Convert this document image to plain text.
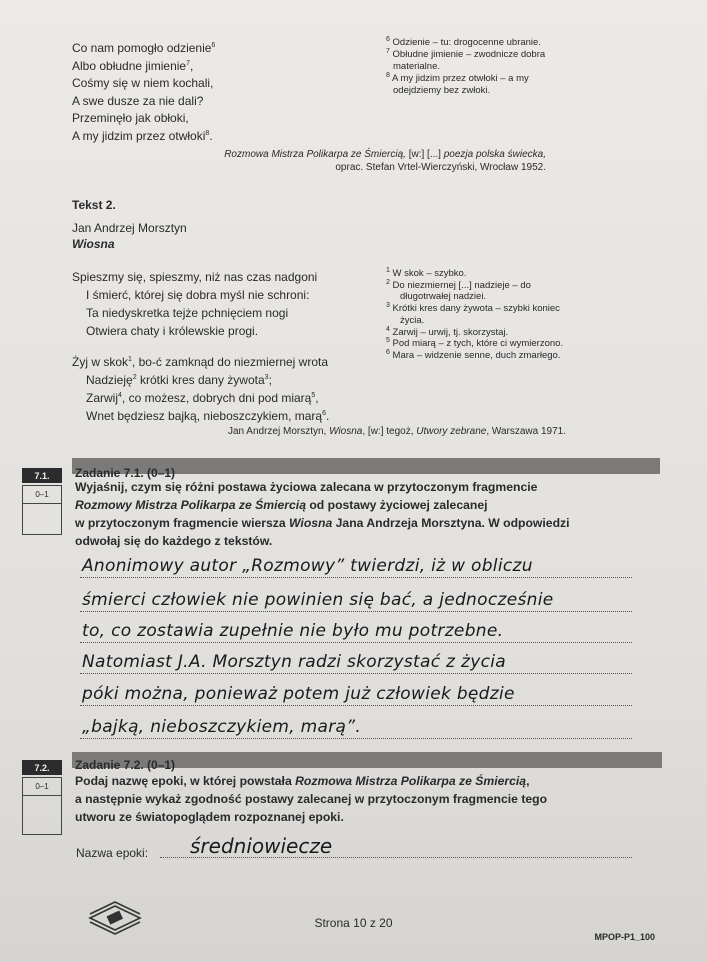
Co nam pomogło odzienie$^6$
Albo obłudne jimienie$^7$,
Cośmy się w niem kochali,
A swe dusze za nie dali?
Przeminęło jak obłoki,
A my jidzim przez otwłoki$^8$.
$^6$ Odzienie – tu: drogocenne ubranie.
$^7$ Obłudne jimienie – zwodnicze dobra
materialne.
$^8$ A my jidzim przez otwłoki – a my
odejdziemy bez zwłoki.
Rozmowa Mistrza Polikarpa ze Śmiercią, [w:] [...] poezja polska świecka,
oprac. Stefan Vrtel-Wierczyński, Wrocław 1952.
Tekst 2.
Jan Andrzej Morsztyn
Wiosna
Spieszmy się, spieszmy, niż nas czas nadgoni
I śmierć, której się dobra myśl nie schroni:
Ta niedyskretka tejże pchnięciem nogi
Otwiera chaty i królewskie progi.
Żyj w skok$^1$, bo-ć zamknąd do niezmiernej wrota
Nadzieję$^2$ krótki kres dany żywota$^3$;
Zarwij$^4$, co możesz, dobrych dni pod miarą$^5$,
Wnet będziesz bajką, nieboszczykiem, marą$^6$.
$^1$ W skok – szybko.
$^2$ Do niezmiernej [...] nadzieje – do
długotrwałej nadziei.
$^3$ Krótki kres dany żywota – szybki koniec
życia.
$^4$ Zarwij – urwij, tj. skorzystaj.
$^5$ Pod miarą – z tych, które ci wymierzono.
$^6$ Mara – widzenie senne, duch zmarłego.
Jan Andrzej Morsztyn, Wiosna, [w:] tegoż, Utwory zebrane, Warszawa 1971.
7.1.
0–1
Zadanie 7.1. (0–1)
Wyjaśnij, czym się różni postawa życiowa zalecana w przytoczonym fragmencie
Rozmowy Mistrza Polikarpa ze Śmiercią od postawy życiowej zalecanej
w przytoczonym fragmencie wiersza Wiosna Jana Andrzeja Morsztyna. W odpowiedzi
odwołaj się do każdego z tekstów.
Anonimowy autor „Rozmowy” twierdzi, iż w obliczu
śmierci człowiek nie powinien się bać, a jednocześnie
to, co zostawia zupełnie nie było mu potrzebne.
Natomiast J.A. Morsztyn radzi skorzystać z życia
póki można, ponieważ potem już człowiek będzie
„bajką, nieboszczykiem, marą”.
7.2.
0–1
Zadanie 7.2. (0–1)
Podaj nazwę epoki, w której powstała Rozmowa Mistrza Polikarpa ze Śmiercią,
a następnie wykaż zgodność postawy zalecanej w przytoczonym fragmencie tego
utworu ze światopoglądem rozpoznanej epoki.
Nazwa epoki: średniowiecze
Strona 10 z 20
MPOP-P1_100
